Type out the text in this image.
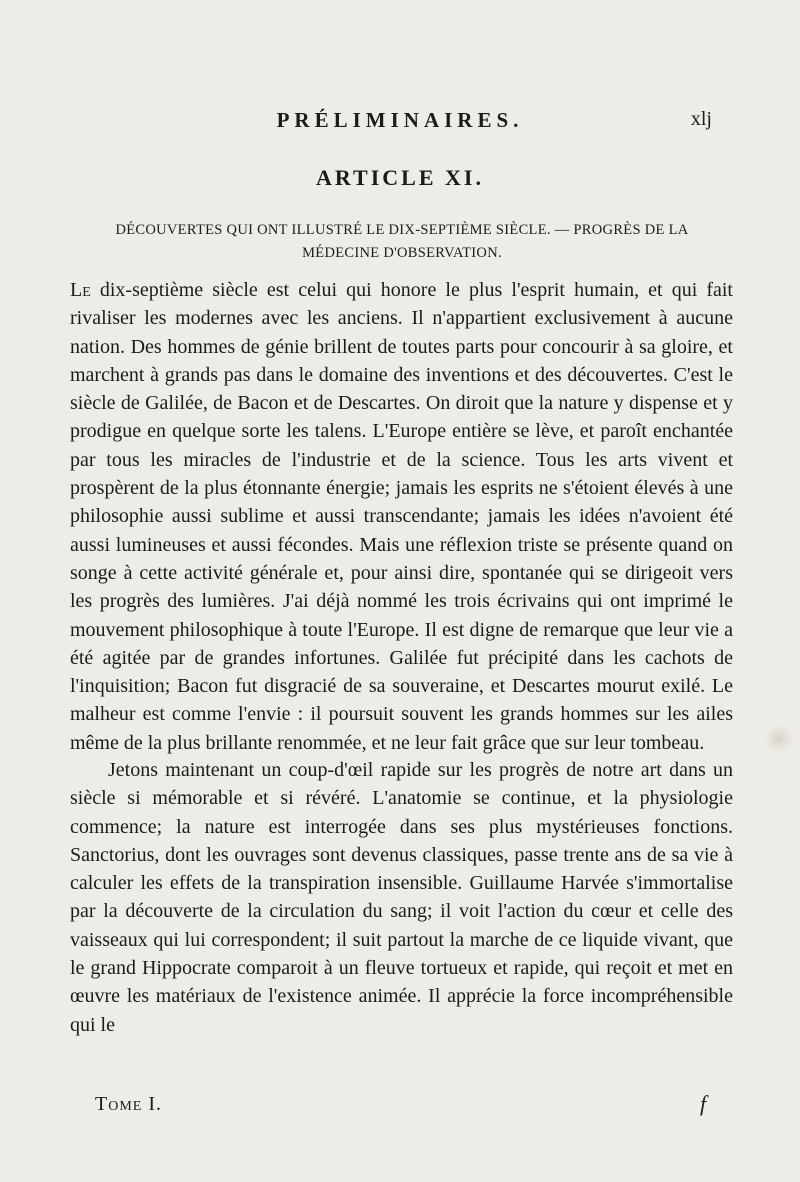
PRÉLIMINAIRES.	xlj
ARTICLE XI.
DÉCOUVERTES QUI ONT ILLUSTRÉ LE DIX-SEPTIÈME SIÈCLE. — PROGRÈS DE LA MÉDECINE D'OBSERVATION.

Le dix-septième siècle est celui qui honore le plus l'esprit humain, et qui fait rivaliser les modernes avec les anciens. Il n'appartient exclusivement à aucune nation. Des hommes de génie brillent de toutes parts pour concourir à sa gloire, et marchent à grands pas dans le domaine des inventions et des découvertes. C'est le siècle de Galilée, de Bacon et de Descartes. On diroit que la nature y dispense et y prodigue en quelque sorte les talens. L'Europe entière se lève, et paroît enchantée par tous les miracles de l'industrie et de la science. Tous les arts vivent et prospèrent de la plus étonnante énergie; jamais les esprits ne s'étoient élevés à une philosophie aussi sublime et aussi transcendante; jamais les idées n'avoient été aussi lumineuses et aussi fécondes. Mais une réflexion triste se présente quand on songe à cette activité générale et, pour ainsi dire, spontanée qui se dirigeoit vers les progrès des lumières. J'ai déjà nommé les trois écrivains qui ont imprimé le mouvement philosophique à toute l'Europe. Il est digne de remarque que leur vie a été agitée par de grandes infortunes. Galilée fut précipité dans les cachots de l'inquisition; Bacon fut disgracié de sa souveraine, et Descartes mourut exilé. Le malheur est comme l'envie : il poursuit souvent les grands hommes sur les ailes même de la plus brillante renommée, et ne leur fait grâce que sur leur tombeau.

Jetons maintenant un coup-d'œil rapide sur les progrès de notre art dans un siècle si mémorable et si révéré. L'anatomie se continue, et la physiologie commence; la nature est interrogée dans ses plus mystérieuses fonctions. Sanctorius, dont les ouvrages sont devenus classiques, passe trente ans de sa vie à calculer les effets de la transpiration insensible. Guillaume Harvée s'immortalise par la découverte de la circulation du sang; il voit l'action du cœur et celle des vaisseaux qui lui correspondent; il suit partout la marche de ce liquide vivant, que le grand Hippocrate comparoit à un fleuve tortueux et rapide, qui reçoit et met en œuvre les matériaux de l'existence animée. Il apprécie la force incompréhensible qui le

Tome I.	f
